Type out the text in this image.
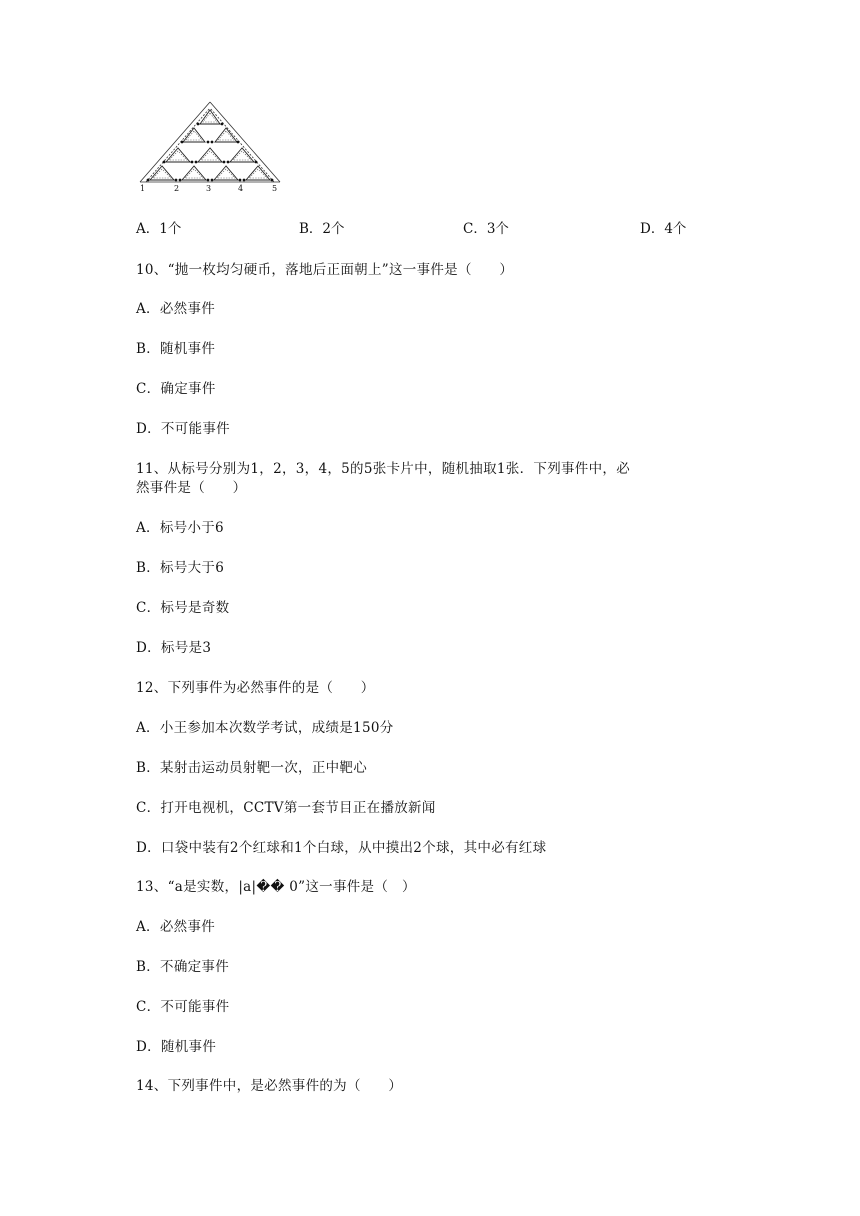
1	2	3	4	5
A．1个	B．2个	C．3个	D．4个
10、“抛一枚均匀硬币，落地后正面朝上”这一事件是（　　）
A．必然事件
B．随机事件
C．确定事件
D．不可能事件
11、从标号分别为1，2，3，4，5的5张卡片中，随机抽取1张．下列事件中，必
然事件是（　　）
A．标号小于6
B．标号大于6
C．标号是奇数
D．标号是3
12、下列事件为必然事件的是（　　）
A．小王参加本次数学考试，成绩是150分
B．某射击运动员射靶一次，正中靶心
C．打开电视机，CCTV第一套节目正在播放新闻
D．口袋中装有2个红球和1个白球，从中摸出2个球，其中必有红球
13、“a是实数，|a|�� 0”这一事件是（　）
A．必然事件
B．不确定事件
C．不可能事件
D．随机事件
14、下列事件中，是必然事件的为（　　）
